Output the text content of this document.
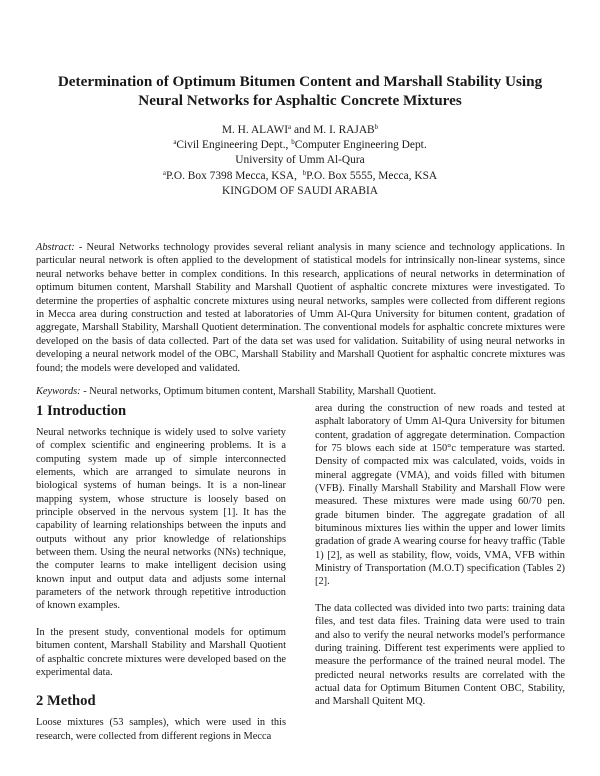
Determination of Optimum Bitumen Content and Marshall Stability Using
Neural Networks for Asphaltic Concrete Mixtures
M. H. ALAWI$^a$ and M. I. RAJAB$^b$
$^a$Civil Engineering Dept., $^b$Computer Engineering Dept.
University of Umm Al-Qura
$^a$P.O. Box 7398 Mecca, KSA,  $^b$P.O. Box 5555, Mecca, KSA
KINGDOM OF SAUDI ARABIA

Abstract: - Neural Networks technology provides several reliant analysis in many science and technology applications. In particular neural network is often applied to the development of statistical models for intrinsically non-linear systems, since neural networks behave better in complex conditions. In this research, applications of neural networks in determination of optimum bitumen content, Marshall Stability and Marshall Quotient of asphaltic concrete mixtures were investigated. To determine the properties of asphaltic concrete mixtures using neural networks, samples were collected from different regions in Mecca area during construction and tested at laboratories of Umm Al-Qura University for bitumen content, gradation of aggregate, Marshall Stability, Marshall Quotient determination. The conventional models for asphaltic concrete mixtures were developed on the basis of data collected. Part of the data set was used for validation. Suitability of using neural networks in developing a neural network model of the OBC, Marshall Stability and Marshall Quotient for asphaltic concrete mixtures was found; the models were developed and validated.

Keywords: - Neural networks, Optimum bitumen content, Marshall Stability, Marshall Quotient.

1 Introduction

Neural networks technique is widely used to solve variety of complex scientific and engineering problems. It is a computing system made up of simple interconnected elements, which are arranged to simulate neurons in biological systems of human beings. It is a non-linear mapping system, whose structure is loosely based on principle observed in the nervous system [1]. It has the capability of learning relationships between the inputs and outputs without any prior knowledge of relationships between them. Using the neural networks (NNs) technique, the computer learns to make intelligent decision using known input and output data and adjusts some internal parameters of the network through repetitive introduction of known examples.

In the present study, conventional models for optimum bitumen content, Marshall Stability and Marshall Quotient of asphaltic concrete mixtures were developed based on the experimental data.

2 Method

Loose mixtures (53 samples), which were used in this research, were collected from different regions in Mecca

area during the construction of new roads and tested at asphalt laboratory of Umm Al-Qura University for bitumen content, gradation of aggregate determination. Compaction for 75 blows each side at 150°c temperature was started. Density of compacted mix was calculated, voids, voids in mineral aggregate (VMA), and voids filled with bitumen (VFB). Finally Marshall Stability and Marshall Flow were measured. These mixtures were made using 60/70 pen. grade bitumen binder. The aggregate gradation of all bituminous mixtures lies within the upper and lower limits gradation of grade A wearing course for heavy traffic (Table 1) [2], as well as stability, flow, voids, VMA, VFB within Ministry of Transportation (M.O.T) specification (Tables 2) [2].

The data collected was divided into two parts: training data files, and test data files. Training data were used to train and also to verify the neural networks model's performance during training. Different test experiments were applied to measure the performance of the trained neural model. The predicted neural networks results are correlated with the actual data for Optimum Bitumen Content OBC, Stability, and Marshall Quitent MQ.
